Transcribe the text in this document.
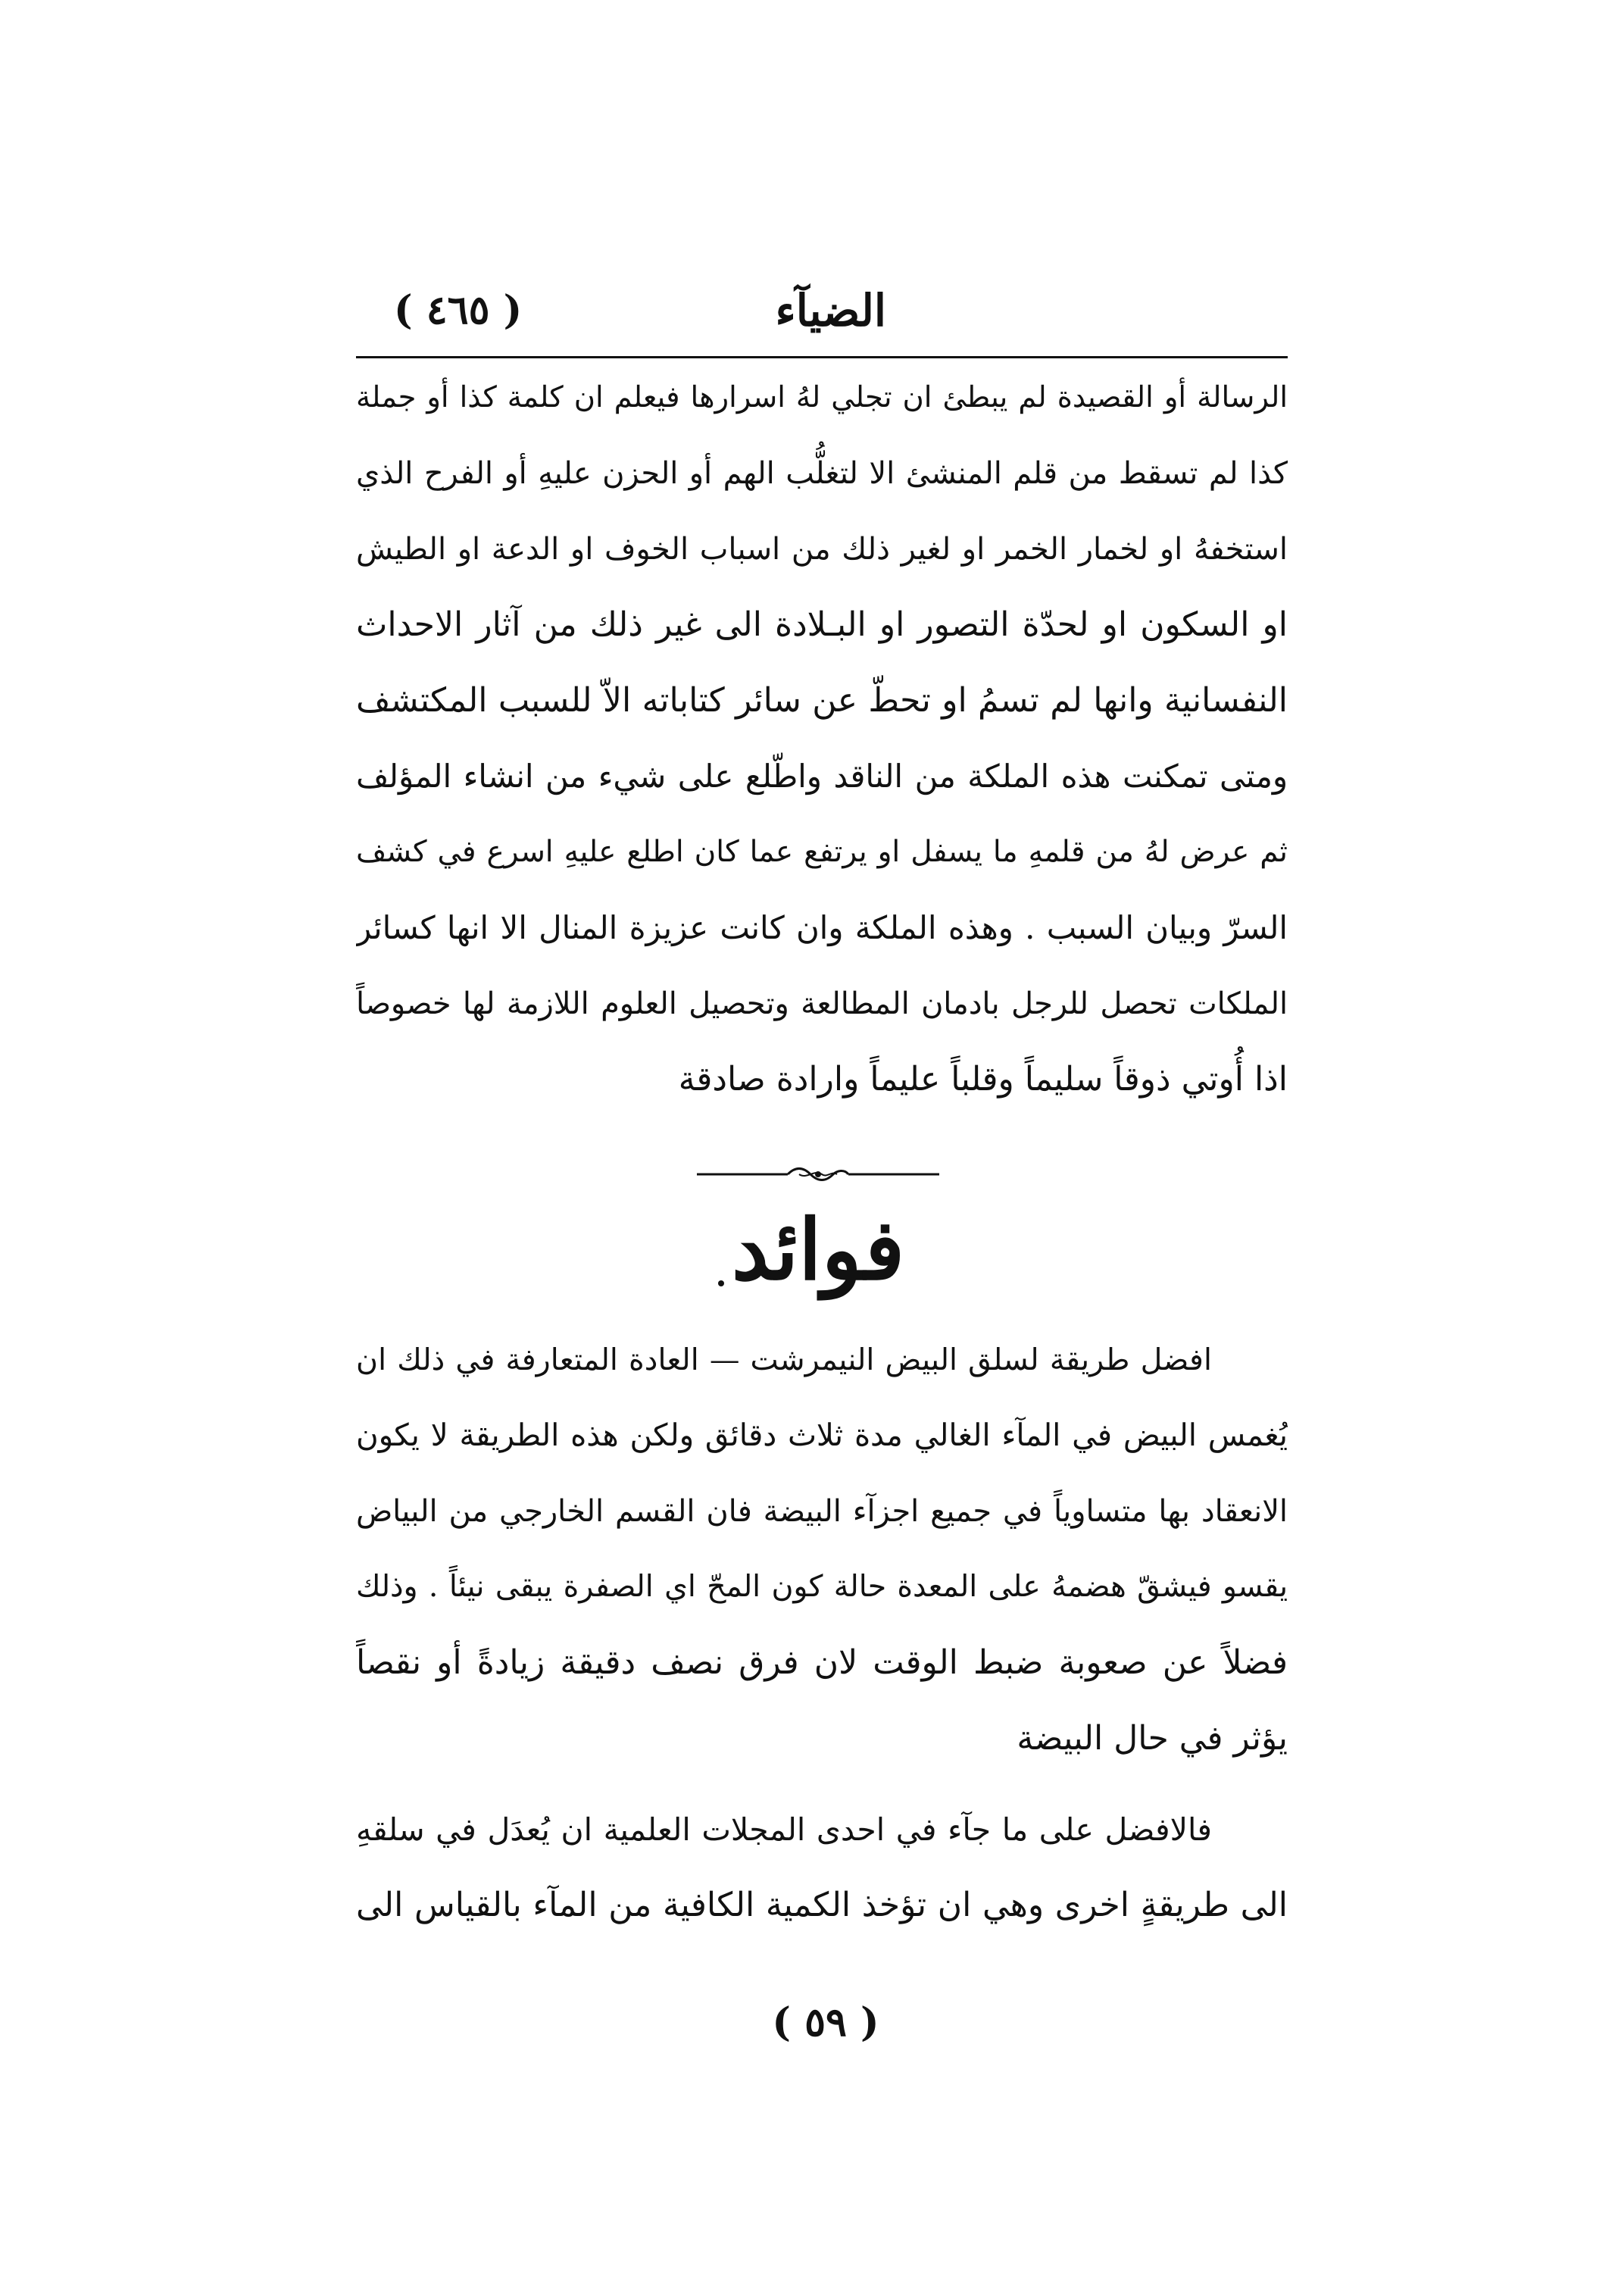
الضيآء
( ٤٦٥ )
الرسالة أو القصيدة لم يبطئ ان تجلي لهُ اسرارها فيعلم ان كلمة كذا أو جملة
كذا لم تسقط من قلم المنشئ الا لتغلُّب الهم أو الحزن عليهِ أو الفرح الذي
استخفهُ او لخمار الخمر او لغير ذلك من اسباب الخوف او الدعة او الطيش
او السكون او لحدّة التصور او البـلادة الى غير ذلك من آثار الاحداث
النفسانية وانها لم تسمُ او تحطّ عن سائر كتاباته الاّ للسبب المكتشف
ومتى تمكنت هذه الملكة من الناقد واطّلع على شيء من انشاء المؤلف
ثم عرض لهُ من قلمهِ ما يسفل او يرتفع عما كان اطلع عليهِ اسرع في كشف
السرّ وبيان السبب . وهذه الملكة وان كانت عزيزة المنال الا انها كسائر
الملكات تحصل للرجل بادمان المطالعة وتحصيل العلوم اللازمة لها خصوصاً
اذا أُوتي ذوقاً سليماً وقلباً عليماً وارادة صادقة
فوائد
افضل طريقة لسلق البيض النيمرشت — العادة المتعارفة في ذلك ان
يُغمس البيض في المآء الغالي مدة ثلاث دقائق ولكن هذه الطريقة لا يكون
الانعقاد بها متساوياً في جميع اجزآء البيضة فان القسم الخارجي من البياض
يقسو فيشقّ هضمهُ على المعدة حالة كون المحّ اي الصفرة يبقى نيئاً . وذلك
فضلاً عن صعوبة ضبط الوقت لان فرق نصف دقيقة زيادةً أو نقصاً
يؤثر في حال البيضة
فالافضل على ما جآء في احدى المجلات العلمية ان يُعدَل في سلقهِ
الى طريقةٍ اخرى وهي ان تؤخذ الكمية الكافية من المآء بالقياس الى
( ٥٩ )
